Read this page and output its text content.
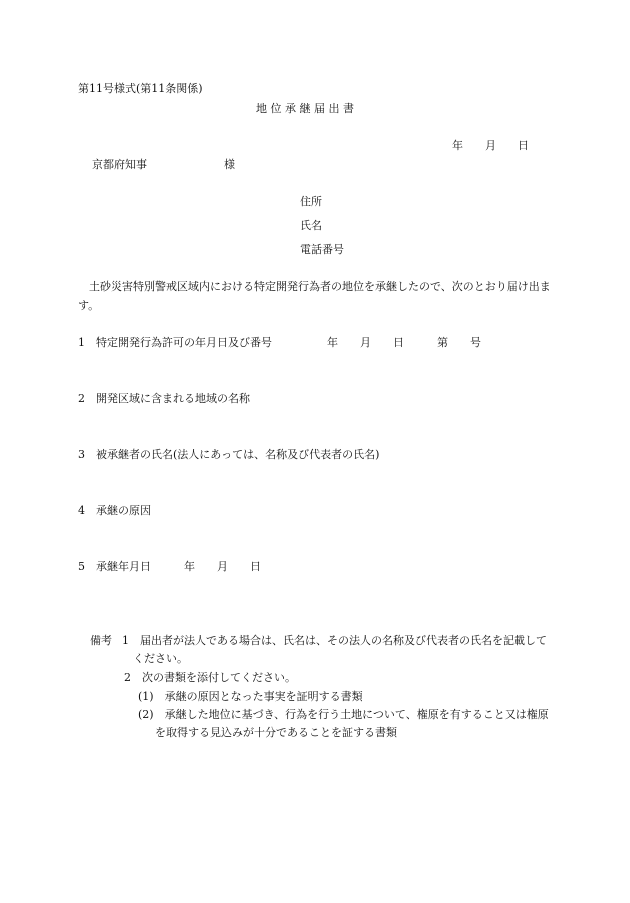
第11号様式(第11条関係)
地 位 承 継 届 出 書
年　　月　　日
京都府知事　　　　　　　様
住所
氏名
電話番号
土砂災害特別警戒区域内における特定開発行為者の地位を承継したので、次のとおり届け出ます。
1　特定開発行為許可の年月日及び番号　　　　　年　　月　　日　　　第　　号
2　開発区域に含まれる地域の名称
3　被承継者の氏名(法人にあっては、名称及び代表者の氏名)
4　承継の原因
5　承継年月日　　　年　　月　　日
備考 1　届出者が法人である場合は、氏名は、その法人の名称及び代表者の氏名を記載してください。
2　次の書類を添付してください。
(1)　承継の原因となった事実を証明する書類
(2)　承継した地位に基づき、行為を行う土地について、権原を有すること又は権原を取得する見込みが十分であることを証する書類
